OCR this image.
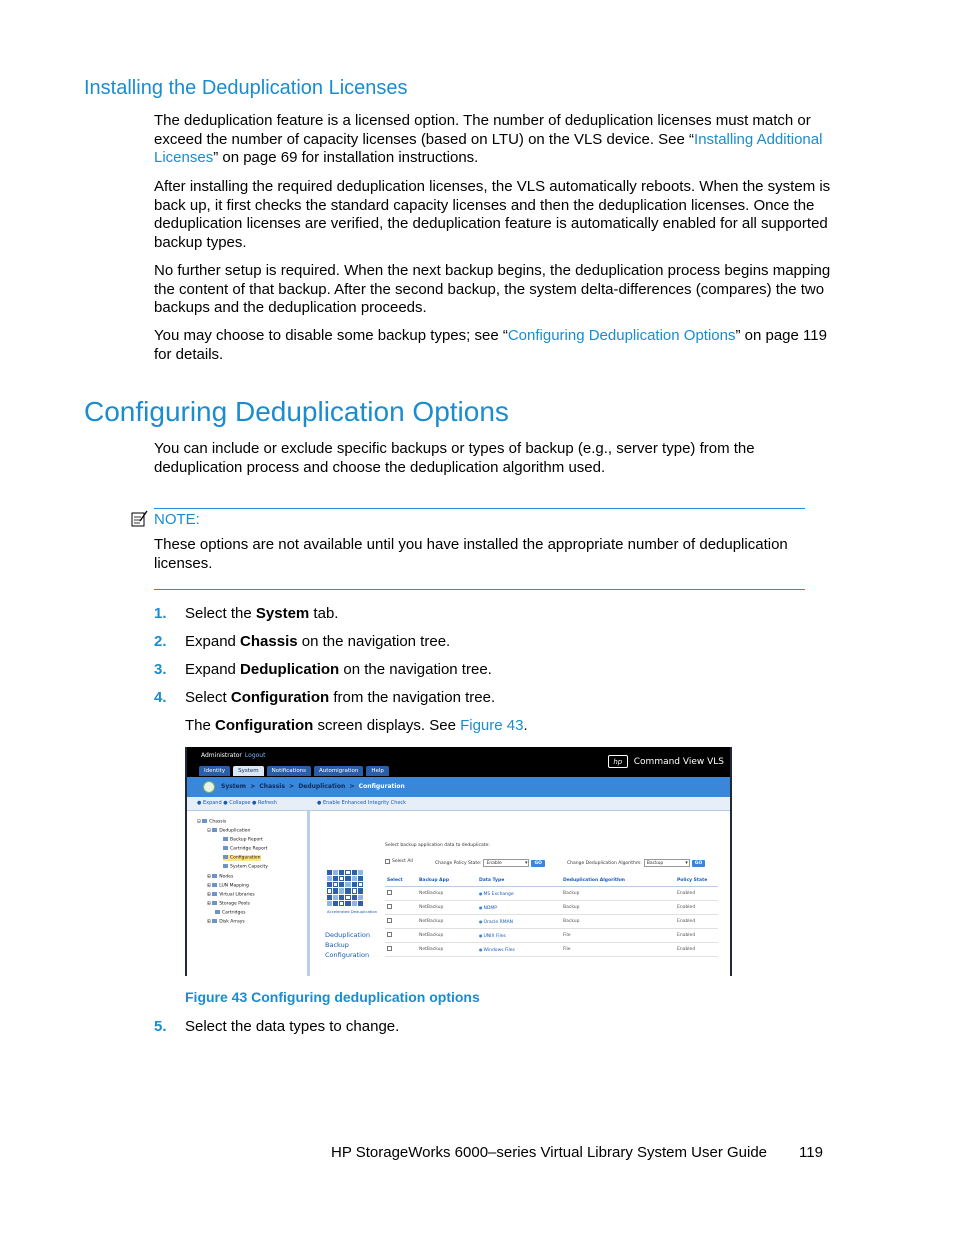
Installing the Deduplication Licenses
The deduplication feature is a licensed option. The number of deduplication licenses must match or exceed the number of capacity licenses (based on LTU) on the VLS device. See “Installing Additional Licenses” on page 69 for installation instructions.
After installing the required deduplication licenses, the VLS automatically reboots. When the system is back up, it first checks the standard capacity licenses and then the deduplication licenses. Once the deduplication licenses are verified, the deduplication feature is automatically enabled for all supported backup types.
No further setup is required. When the next backup begins, the deduplication process begins mapping the content of that backup. After the second backup, the system delta-differences (compares) the two backups and the deduplication proceeds.
You may choose to disable some backup types; see “Configuring Deduplication Options” on page 119 for details.
Configuring Deduplication Options
You can include or exclude specific backups or types of backup (e.g., server type) from the deduplication process and choose the deduplication algorithm used.
NOTE:
These options are not available until you have installed the appropriate number of deduplication licenses.
1. Select the System tab.
2. Expand Chassis on the navigation tree.
3. Expand Deduplication on the navigation tree.
4. Select Configuration from the navigation tree.
The Configuration screen displays. See Figure 43.
Administrator Logout
hp	Command View VLS
Identity	System	Notifications	Automigration	Help
System > Chassis > Deduplication > Configuration
● Expand ● Collapse ● Refresh	● Enable Enhanced Integrity Check
⊟ Chassis
⊟ Deduplication
Backup Report
Cartridge Report
Configuration
System Capacity
⊞ Nodes
⊞ LUN Mapping
⊞ Virtual Libraries
⊞ Storage Pools
Cartridges
⊞ Disk Arrays
Accelerated Deduplication
Deduplication Backup Configuration
Select backup application data to deduplicate:
Select All	Change Policy State:	Enable ▾	GO	Change Deduplication Algorithm:	Backup ▾	GO
Select	Backup App	Data Type	Deduplication Algorithm	Policy State
	NetBackup	● MS Exchange	Backup	Enabled
	NetBackup	● NDMP	Backup	Enabled
	NetBackup	● Oracle RMAN	Backup	Enabled
	NetBackup	● UNIX Files	File	Enabled
	NetBackup	● Windows Files	File	Enabled
Figure 43 Configuring deduplication options
5. Select the data types to change.
HP StorageWorks 6000–series Virtual Library System User Guide 119
